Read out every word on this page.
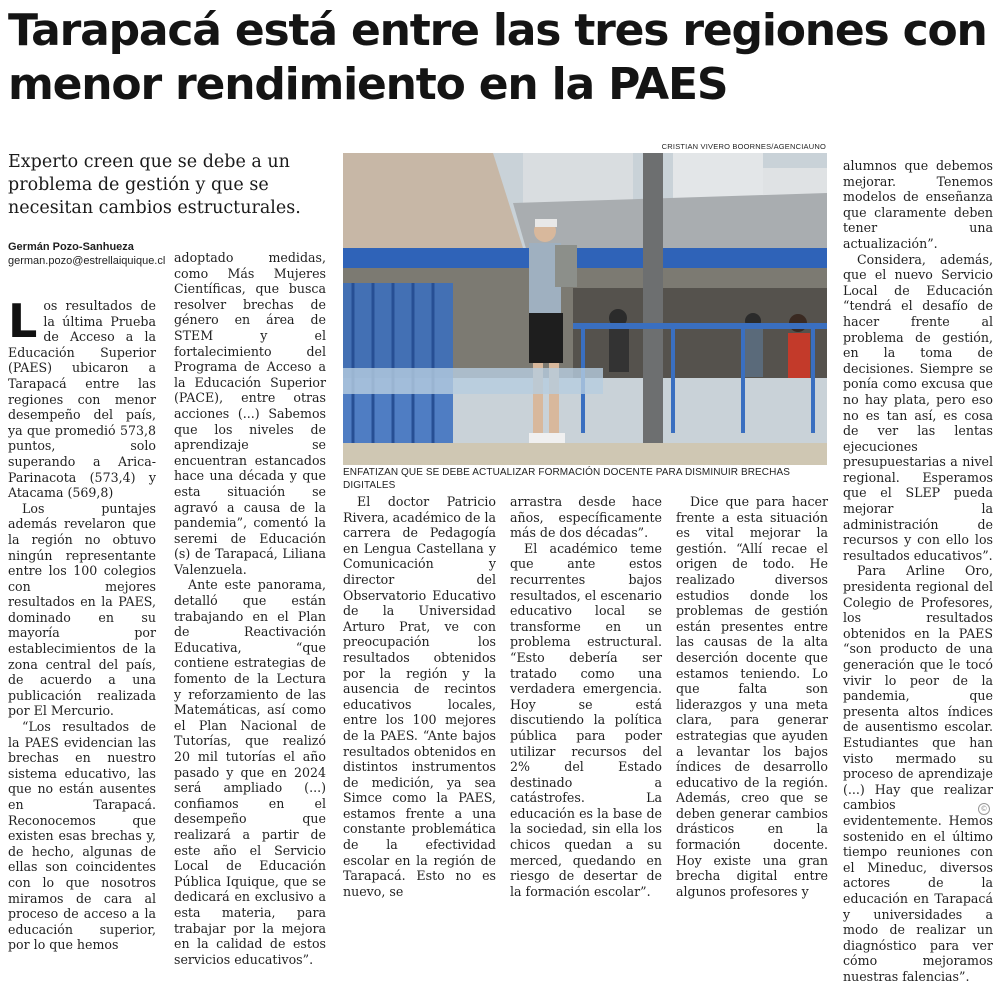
Tarapacá está entre las tres regiones con menor rendimiento en la PAES
Experto creen que se debe a un problema de gestión y que se necesitan cambios estructurales.
Germán Pozo-Sanhueza
german.pozo@estrellaiquique.cl
CRISTIAN VIVERO BOORNES/AGENCIAUNO
ENFATIZAN QUE SE DEBE ACTUALIZAR FORMACIÓN DOCENTE PARA DISMINUIR BRECHAS DIGITALES

Los resultados de la última Prueba de Acceso a la Educación Superior (PAES) ubicaron a Tarapacá entre las regiones con menor desempeño del país, ya que promedió 573,8 puntos, solo superando a Arica-Parinacota (573,4) y Atacama (569,8)

Los puntajes además revelaron que la región no obtuvo ningún representante entre los 100 colegios con mejores resultados en la PAES, dominado en su mayoría por establecimientos de la zona central del país, de acuerdo a una publicación realizada por El Mercurio.

“Los resultados de la PAES evidencian las brechas en nuestro sistema educativo, las que no están ausentes en Tarapacá. Reconocemos que existen esas brechas y, de hecho, algunas de ellas son coincidentes con lo que nosotros miramos de cara al proceso de acceso a la educación superior, por lo que hemos

adoptado medidas, como Más Mujeres Científicas, que busca resolver brechas de género en área de STEM y el fortalecimiento del Programa de Acceso a la Educación Superior (PACE), entre otras acciones (...) Sabemos que los niveles de aprendizaje se encuentran estancados hace una década y que esta situación se agravó a causa de la pandemia”, comentó la seremi de Educación (s) de Tarapacá, Liliana Valenzuela.

Ante este panorama, detalló que están trabajando en el Plan de Reactivación Educativa, “que contiene estrategias de fomento de la Lectura y reforzamiento de las Matemáticas, así como el Plan Nacional de Tutorías, que realizó 20 mil tutorías el año pasado y que en 2024 será ampliado (...) confiamos en el desempeño que realizará a partir de este año el Servicio Local de Educación Pública Iquique, que se dedicará en exclusivo a esta materia, para trabajar por la mejora en la calidad de estos servicios educativos”.

El doctor Patricio Rivera, académico de la carrera de Pedagogía en Lengua Castellana y Comunicación y director del Observatorio Educativo de la Universidad Arturo Prat, ve con preocupación los resultados obtenidos por la región y la ausencia de recintos educativos locales, entre los 100 mejores de la PAES. “Ante bajos resultados obtenidos en distintos instrumentos de medición, ya sea Simce como la PAES, estamos frente a una constante problemática de la efectividad escolar en la región de Tarapacá. Esto no es nuevo, se

arrastra desde hace años, específicamente más de dos décadas”.

El académico teme que ante estos recurrentes bajos resultados, el escenario educativo local se transforme en un problema estructural. “Esto debería ser tratado como una verdadera emergencia. Hoy se está discutiendo la política pública para poder utilizar recursos del 2% del Estado destinado a catástrofes. La educación es la base de la sociedad, sin ella los chicos quedan a su merced, quedando en riesgo de desertar de la formación escolar”.

Dice que para hacer frente a esta situación es vital mejorar la gestión. “Allí recae el origen de todo. He realizado diversos estudios donde los problemas de gestión están presentes entre las causas de la alta deserción docente que estamos teniendo. Lo que falta son liderazgos y una meta clara, para generar estrategias que ayuden a levantar los bajos índices de desarrollo educativo de la región. Además, creo que se deben generar cambios drásticos en la formación docente. Hoy existe una gran brecha digital entre algunos profesores y

alumnos que debemos mejorar. Tenemos modelos de enseñanza que claramente deben tener una actualización”.

Considera, además, que el nuevo Servicio Local de Educación “tendrá el desafío de hacer frente al problema de gestión, en la toma de decisiones. Siempre se ponía como excusa que no hay plata, pero eso no es tan así, es cosa de ver las lentas ejecuciones presupuestarias a nivel regional. Esperamos que el SLEP pueda mejorar la administración de recursos y con ello los resultados educativos”.

Para Arline Oro, presidenta regional del Colegio de Profesores, los resultados obtenidos en la PAES “son producto de una generación que le tocó vivir lo peor de la pandemia, que presenta altos índices de ausentismo escolar. Estudiantes que han visto mermado su proceso de aprendizaje (...) Hay que realizar cambios evidentemente. Hemos sostenido en el último tiempo reuniones con el Mineduc, diversos actores de la educación en Tarapacá y universidades a modo de realizar un diagnóstico para ver cómo mejoramos nuestras falencias”.

©
